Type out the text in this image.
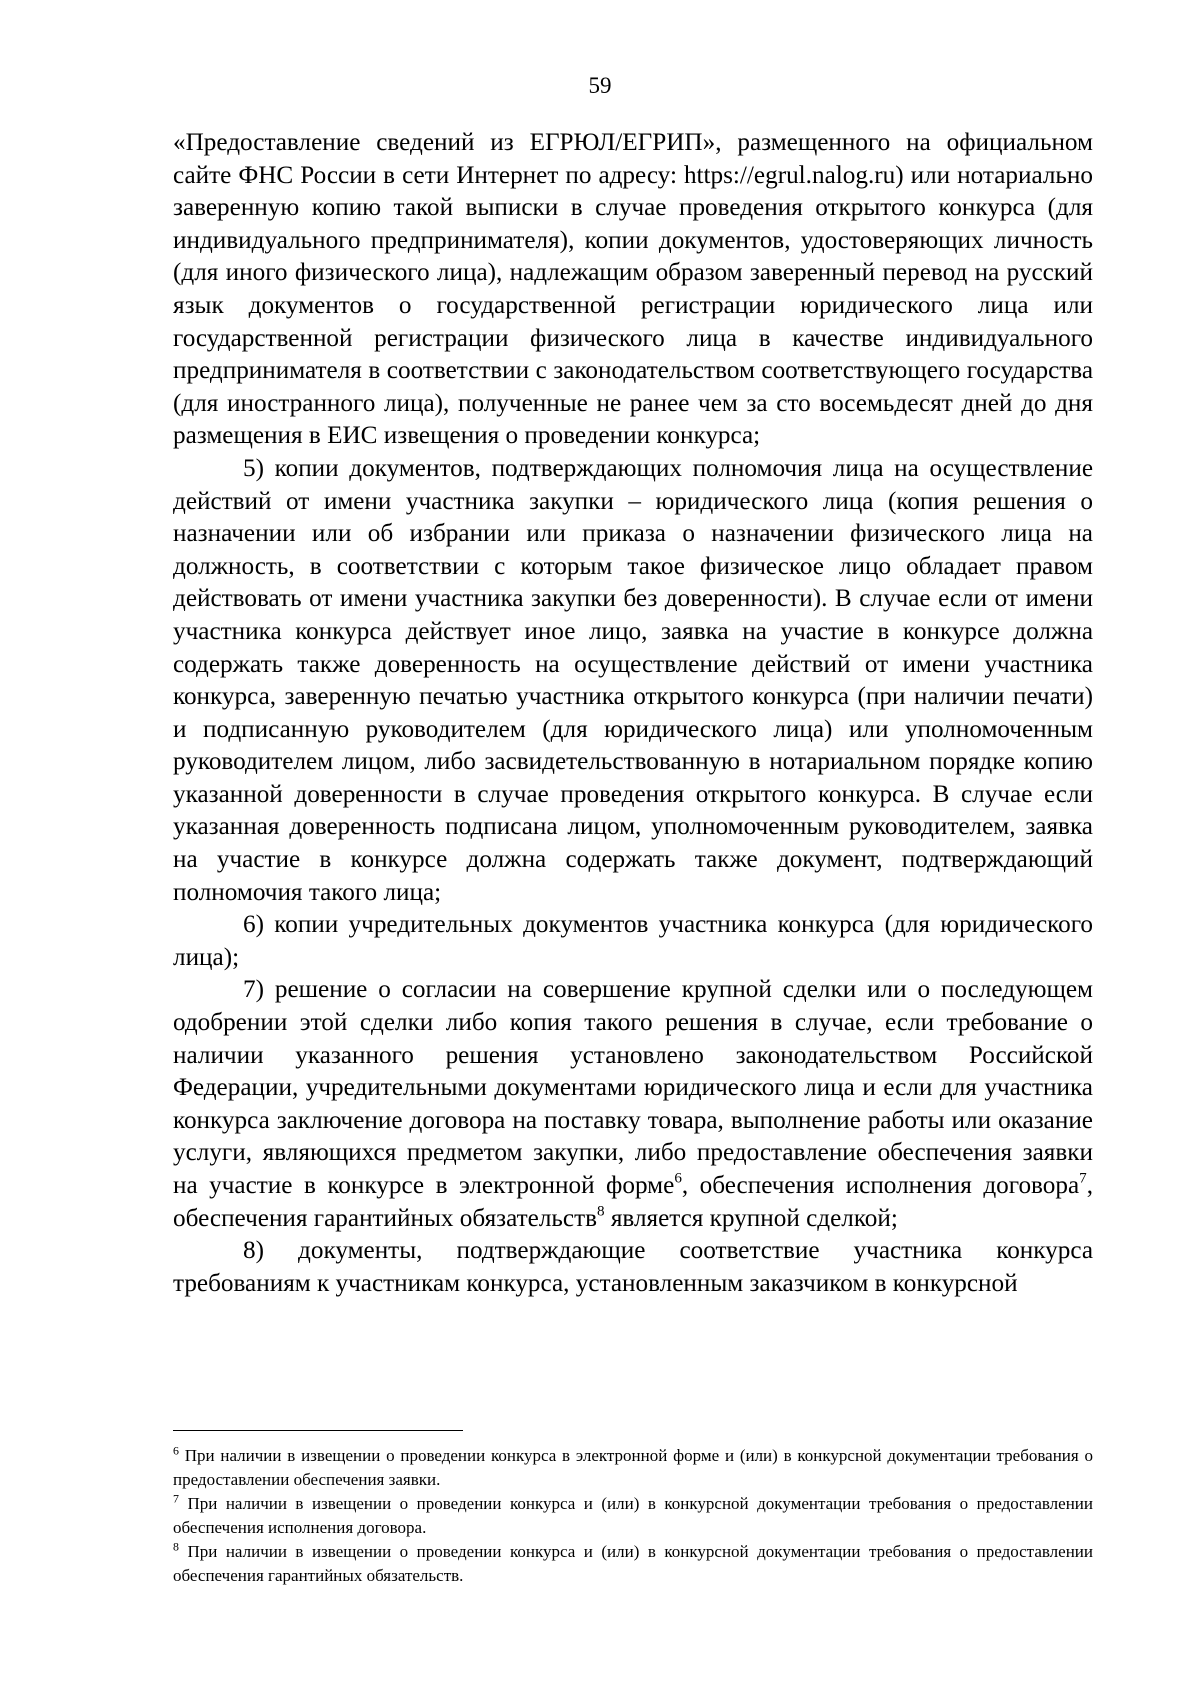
59

«Предоставление сведений из ЕГРЮЛ/ЕГРИП», размещенного на официальном сайте ФНС России в сети Интернет по адресу: https://egrul.nalog.ru) или нотариально заверенную копию такой выписки в случае проведения открытого конкурса (для индивидуального предпринимателя), копии документов, удостоверяющих личность (для иного физического лица), надлежащим образом заверенный перевод на русский язык документов о государственной регистрации юридического лица или государственной регистрации физического лица в качестве индивидуального предпринимателя в соответствии с законодательством соответствующего государства (для иностранного лица), полученные не ранее чем за сто восемьдесят дней до дня размещения в ЕИС извещения о проведении конкурса;

5) копии документов, подтверждающих полномочия лица на осуществление действий от имени участника закупки – юридического лица (копия решения о назначении или об избрании или приказа о назначении физического лица на должность, в соответствии с которым такое физическое лицо обладает правом действовать от имени участника закупки без доверенности). В случае если от имени участника конкурса действует иное лицо, заявка на участие в конкурсе должна содержать также доверенность на осуществление действий от имени участника конкурса, заверенную печатью участника открытого конкурса (при наличии печати) и подписанную руководителем (для юридического лица) или уполномоченным руководителем лицом, либо засвидетельствованную в нотариальном порядке копию указанной доверенности в случае проведения открытого конкурса. В случае если указанная доверенность подписана лицом, уполномоченным руководителем, заявка на участие в конкурсе должна содержать также документ, подтверждающий полномочия такого лица;

6) копии учредительных документов участника конкурса (для юридического лица);

7) решение о согласии на совершение крупной сделки или о последующем одобрении этой сделки либо копия такого решения в случае, если требование о наличии указанного решения установлено законодательством Российской Федерации, учредительными документами юридического лица и если для участника конкурса заключение договора на поставку товара, выполнение работы или оказание услуги, являющихся предметом закупки, либо предоставление обеспечения заявки на участие в конкурсе в электронной форме$^6$, обеспечения исполнения договора$^7$, обеспечения гарантийных обязательств$^8$ является крупной сделкой;

8) документы, подтверждающие соответствие участника конкурса требованиям к участникам конкурса, установленным заказчиком в конкурсной

$^6$ При наличии в извещении о проведении конкурса в электронной форме и (или) в конкурсной документации требования о предоставлении обеспечения заявки.

$^7$ При наличии в извещении о проведении конкурса и (или) в конкурсной документации требования о предоставлении обеспечения исполнения договора.

$^8$ При наличии в извещении о проведении конкурса и (или) в конкурсной документации требования о предоставлении обеспечения гарантийных обязательств.
